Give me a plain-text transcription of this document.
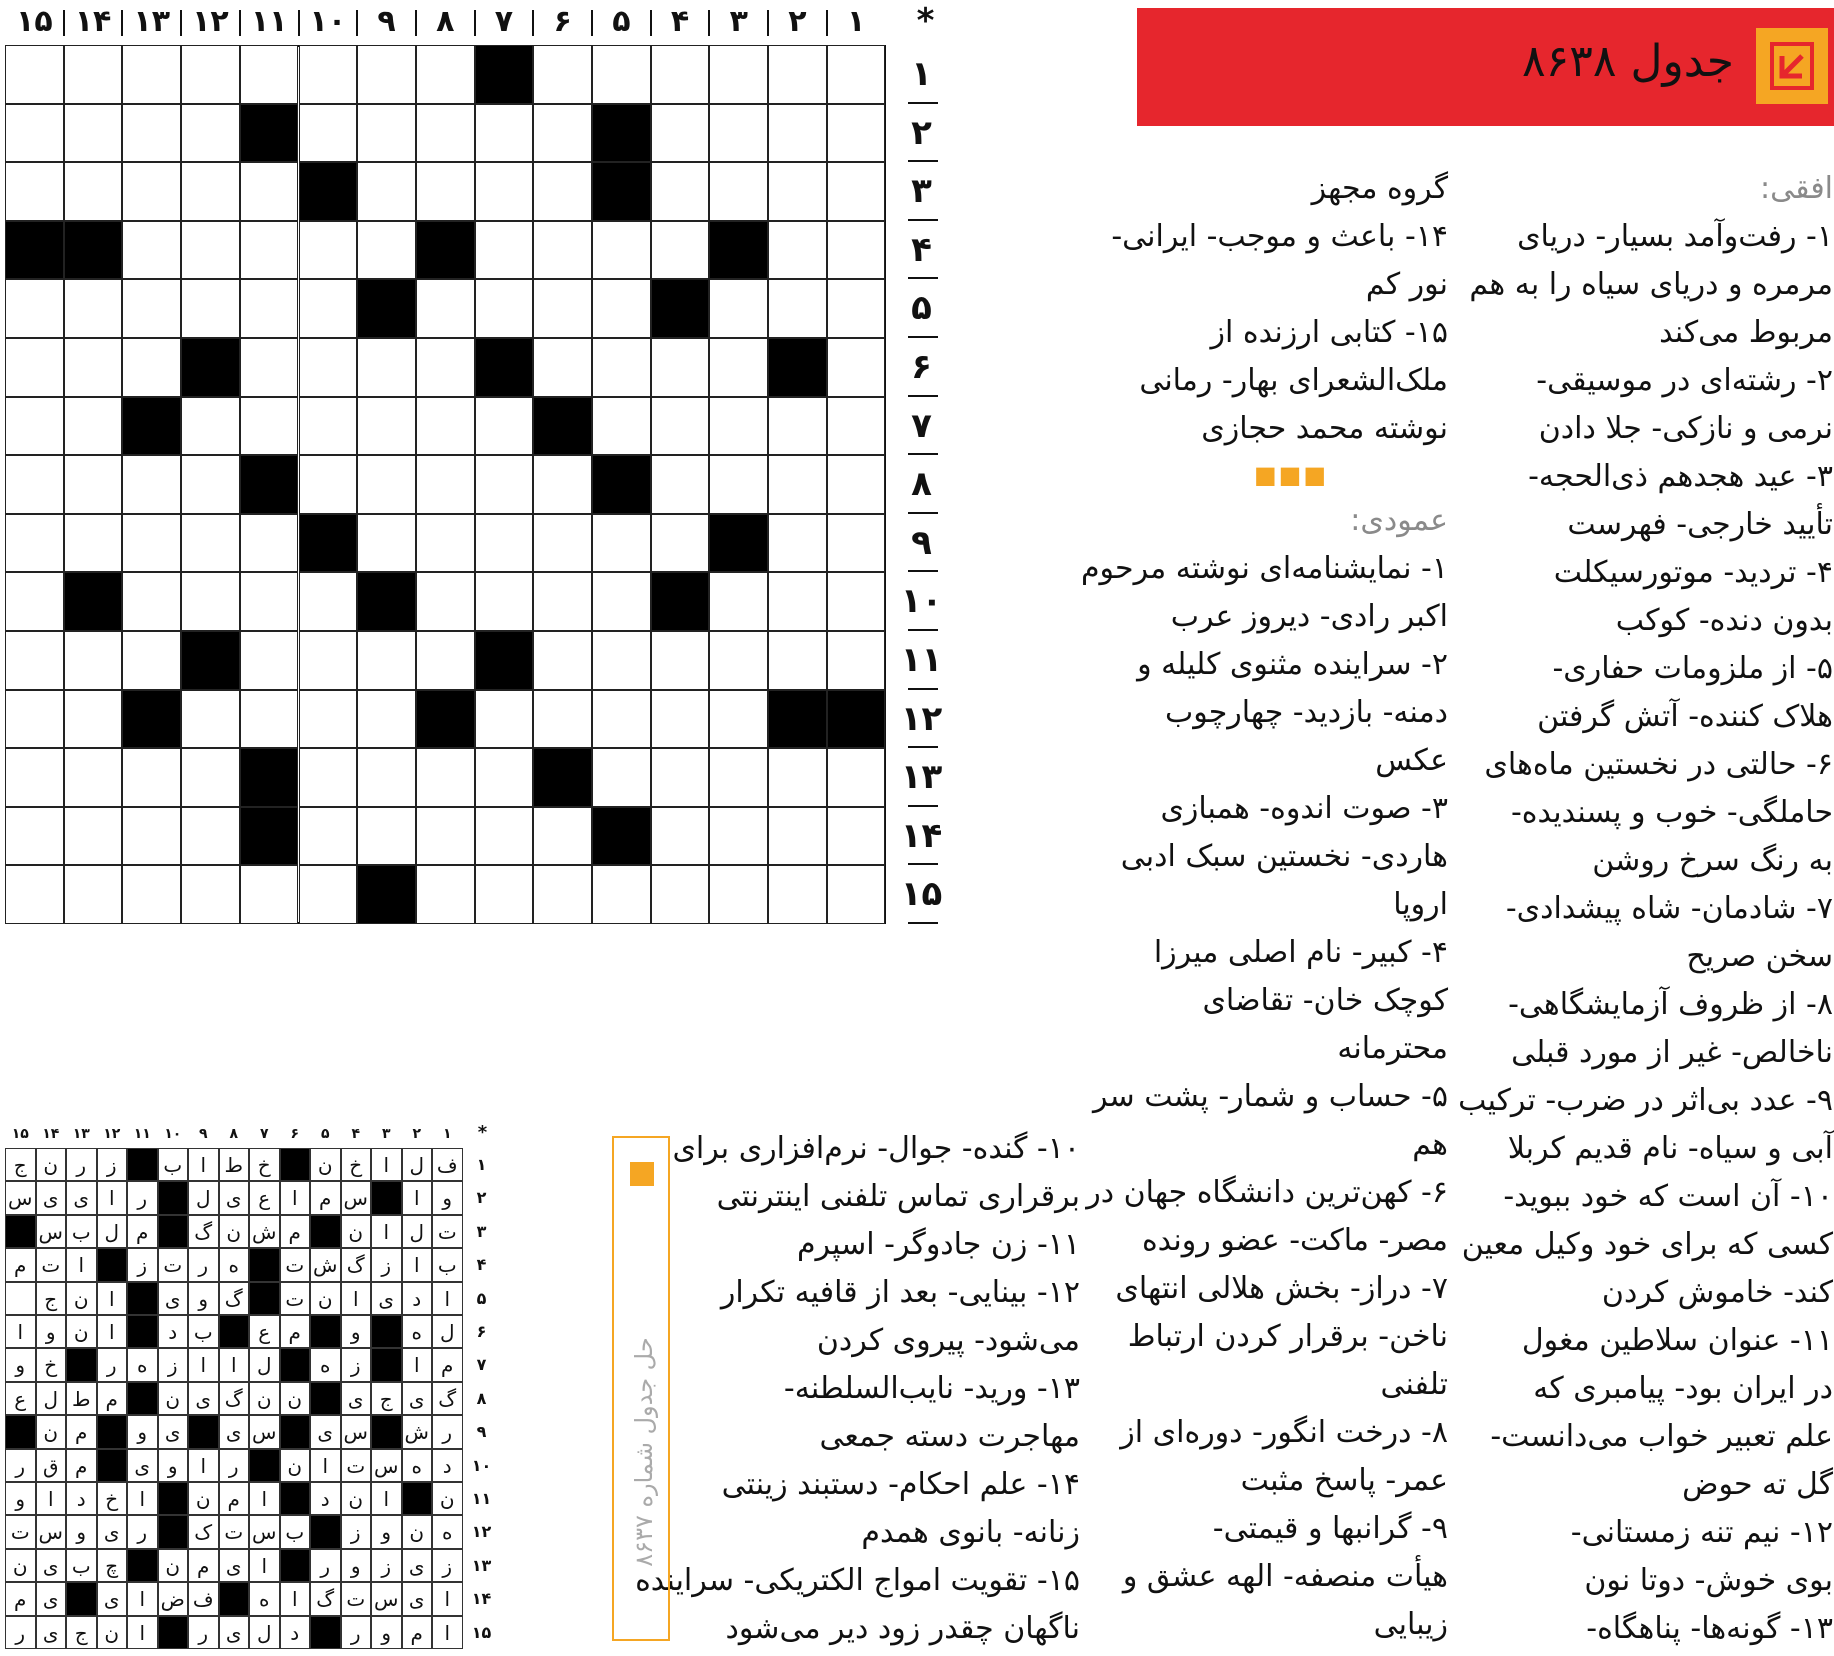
جدول ۸۶۳۸
۱
۲
۳
۴
۵
۶
۷
۸
۹
۱۰
۱۱
۱۲
۱۳
۱۴
۱۵	*
۱
۲
۳
۴
۵
۶
۷
۸
۹
۱۰
۱۱
۱۲
۱۳
۱۴
۱۵
افقی:
۱- رفت‌و‌آمد بسیار- دریای
مرمره و دریای سیاه را به هم
مربوط می‌کند
۲- رشته‌ای در موسیقی-
نرمی و نازکی- جلا دادن
۳- عید هجدهم ذی‌الحجه-
تأیید خارجی- فهرست
۴- تردید- موتورسیکلت
بدون دنده- کوکب
۵- از ملزومات حفاری-
هلاک کننده- آتش گرفتن
۶- حالتی در نخستین ماه‌های
حاملگی- خوب و پسندیده-
به رنگ سرخ روشن
۷- شادمان- شاه پیشدادی-
سخن صریح
۸- از ظروف آزمایشگاهی-
ناخالص- غیر از مورد قبلی
۹- عدد بی‌اثر در ضرب- ترکیب
آبی و سیاه- نام قدیم کربلا
۱۰- آن است که خود ببوید-
کسی که برای خود وکیل معین
کند- خاموش کردن
۱۱- عنوان سلاطین مغول
در ایران بود- پیامبری که
علم تعبیر خواب می‌دانست-
گل ته حوض
۱۲- نیم تنه زمستانی-
بوی خوش- دوتا نون
۱۳- گونه‌ها- پناهگاه-
گروه مجهز
۱۴- باعث و موجب- ایرانی-
نور کم
۱۵- کتابی ارزنده از
ملک‌الشعرای بهار- رمانی
نوشته محمد حجازی
■■■
عمودی:
۱- نمایشنامه‌ای نوشته مرحوم
اکبر رادی- دیروز عرب
۲- سراینده مثنوی کلیله و
دمنه- بازدید- چهارچوب
عکس
۳- صوت اندوه- همبازی
هاردی- نخستین سبک ادبی
اروپا
۴- کبیر- نام اصلی میرزا
کوچک خان- تقاضای
محترمانه
۵- حساب و شمار- پشت سر
هم
۶- کهن‌ترین دانشگاه جهان در
مصر- ماکت- عضو رونده
۷- دراز- بخش هلالی انتهای
ناخن- برقرار کردن ارتباط
تلفنی
۸- درخت انگور- دوره‌ای از
عمر- پاسخ مثبت
۹- گرانبها و قیمتی-
هیأت منصفه- الهه عشق و
زیبایی
۱۰- گنده- جوال- نرم‌افزاری برای
برقراری تماس تلفنی اینترنتی
۱۱- زن جادوگر- اسپرم
۱۲- بینایی- بعد از قافیه تکرار
می‌شود- پیروی کردن
۱۳- ورید- نایب‌السلطنه-
مهاجرت دسته جمعی
۱۴- علم احکام- دستبند زینتی
زنانه- بانوی همدم
۱۵- تقویت امواج الکتریکی- سراینده
ناگهان چقدر زود دیر می‌شود
حل جدول شماره ۸۶۳۷
۱
۲
۳
۴
۵
۶
۷
۸
۹
۱۰
۱۱
۱۲
۱۳
۱۴
۱۵	*
۱
ف
ل
ا
خ
ن
خ
ط
ا
ب
ز
ر
ن
ج
۲
و
ا
س
م
ا
ع
ی
ل
ر
ا
ی
ی
س
۳
ت
ل
ا
ن
م
ش
ن
گ
م
ل
ب
س
۴
ب
ا
ز
گ
ش
ت
ه
ر
ت
ز
ا
ت
م
۵
ا
د
ی
ا
ن
ت
گ
و
ی
ا
ن
ج
۶
ل
ه
و
م
ع
ب
د
ا
ن
و
ا
۷
م
ا
ز
ه
ل
ا
ا
ز
ه
ر
خ
و
۸
گ
ی
ج
ی
ن
ن
گ
ی
ن
م
ط
ل
ع
۹
ر
ش
س
ی
س
ی
ی
و
م
ن
۱۰
د
ه
س
ت
ا
ن
ر
ا
و
ی
م
ق
ر
۱۱
ن
ا
ن
د
ا
م
ن
ا
خ
د
ا
و
۱۲
ه
ن
و
ز
ب
س
ت
ک
ر
ی
و
س
ت
۱۳
ز
ی
ز
و
ر
ا
ی
م
ن
چ
ب
ی
ن
۱۴
ا
ی
س
ت
گ
ا
ه
ف
ض
ا
ی
ی
م
۱۵
ا
م
و
ر
د
ل
ی
ر
ا
ن
ج
ی
ر
